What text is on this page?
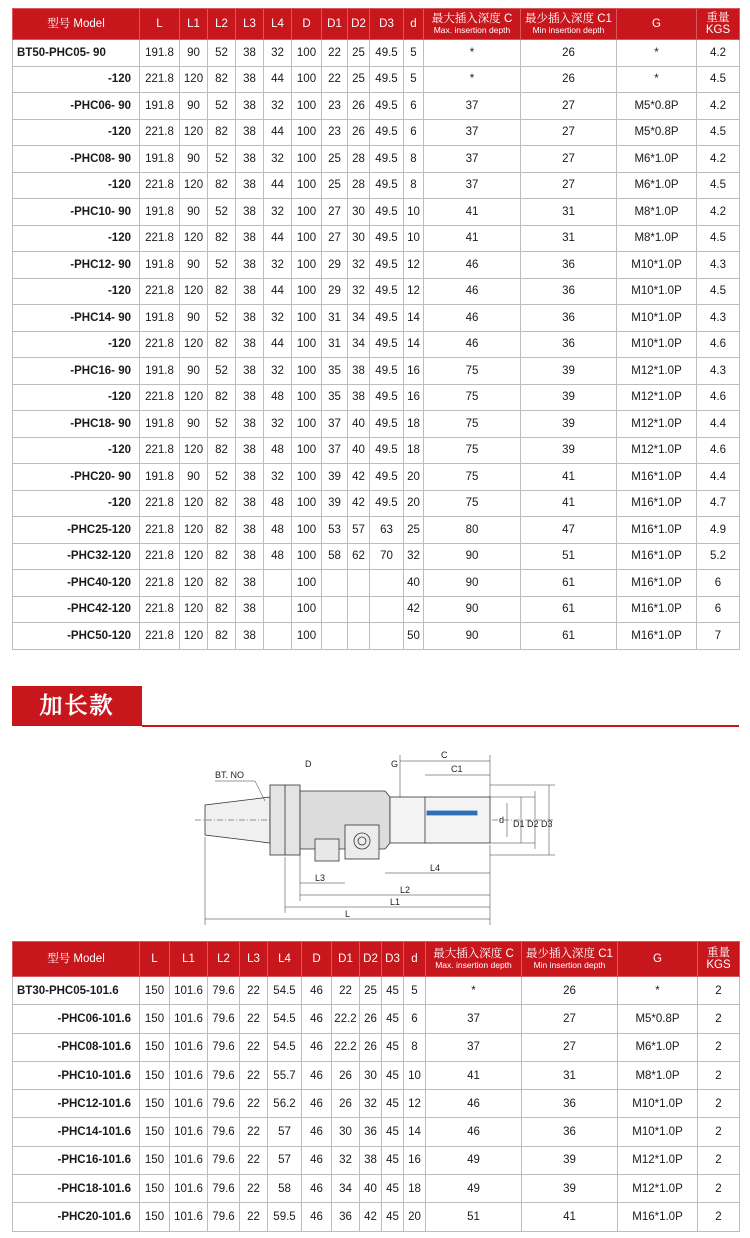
型号 Model	L	L1	L2	L3	L4	D	D1	D2	D3	d	最大插入深度 C
Max. insertion depth	最少插入深度 C1
Min insertion depth	G	重量
KGS

BT50-PHC05- 90	191.8	90	52	38	32	100	22	25	49.5	5	*	26	*	4.2
-120	221.8	120	82	38	44	100	22	25	49.5	5	*	26	*	4.5
-PHC06- 90	191.8	90	52	38	32	100	23	26	49.5	6	37	27	M5*0.8P	4.2
-120	221.8	120	82	38	44	100	23	26	49.5	6	37	27	M5*0.8P	4.5
-PHC08- 90	191.8	90	52	38	32	100	25	28	49.5	8	37	27	M6*1.0P	4.2
-120	221.8	120	82	38	44	100	25	28	49.5	8	37	27	M6*1.0P	4.5
-PHC10- 90	191.8	90	52	38	32	100	27	30	49.5	10	41	31	M8*1.0P	4.2
-120	221.8	120	82	38	44	100	27	30	49.5	10	41	31	M8*1.0P	4.5
-PHC12- 90	191.8	90	52	38	32	100	29	32	49.5	12	46	36	M10*1.0P	4.3
-120	221.8	120	82	38	44	100	29	32	49.5	12	46	36	M10*1.0P	4.5
-PHC14- 90	191.8	90	52	38	32	100	31	34	49.5	14	46	36	M10*1.0P	4.3
-120	221.8	120	82	38	44	100	31	34	49.5	14	46	36	M10*1.0P	4.6
-PHC16- 90	191.8	90	52	38	32	100	35	38	49.5	16	75	39	M12*1.0P	4.3
-120	221.8	120	82	38	48	100	35	38	49.5	16	75	39	M12*1.0P	4.6
-PHC18- 90	191.8	90	52	38	32	100	37	40	49.5	18	75	39	M12*1.0P	4.4
-120	221.8	120	82	38	48	100	37	40	49.5	18	75	39	M12*1.0P	4.6
-PHC20- 90	191.8	90	52	38	32	100	39	42	49.5	20	75	41	M16*1.0P	4.4
-120	221.8	120	82	38	48	100	39	42	49.5	20	75	41	M16*1.0P	4.7
-PHC25-120	221.8	120	82	38	48	100	53	57	63	25	80	47	M16*1.0P	4.9
-PHC32-120	221.8	120	82	38	48	100	58	62	70	32	90	51	M16*1.0P	5.2
-PHC40-120	221.8	120	82	38		100				40	90	61	M16*1.0P	6
-PHC42-120	221.8	120	82	38		100				42	90	61	M16*1.0P	6
-PHC50-120	221.8	120	82	38		100				50	90	61	M16*1.0P	7
加长款
BT. NO
D	G
C
C1
d D1 D2 D3
L3
L4
L2
L1
L
型号 Model	L	L1	L2	L3	L4	D	D1	D2	D3	d	最大插入深度 C
Max. insertion depth	最少插入深度 C1
Min insertion depth	G	重量
KGS

BT30-PHC05-101.6	150	101.6	79.6	22	54.5	46	22	25	45	5	*	26	*	2
-PHC06-101.6	150	101.6	79.6	22	54.5	46	22.2	26	45	6	37	27	M5*0.8P	2
-PHC08-101.6	150	101.6	79.6	22	54.5	46	22.2	26	45	8	37	27	M6*1.0P	2
-PHC10-101.6	150	101.6	79.6	22	55.7	46	26	30	45	10	41	31	M8*1.0P	2
-PHC12-101.6	150	101.6	79.6	22	56.2	46	26	32	45	12	46	36	M10*1.0P	2
-PHC14-101.6	150	101.6	79.6	22	57	46	30	36	45	14	46	36	M10*1.0P	2
-PHC16-101.6	150	101.6	79.6	22	57	46	32	38	45	16	49	39	M12*1.0P	2
-PHC18-101.6	150	101.6	79.6	22	58	46	34	40	45	18	49	39	M12*1.0P	2
-PHC20-101.6	150	101.6	79.6	22	59.5	46	36	42	45	20	51	41	M16*1.0P	2
